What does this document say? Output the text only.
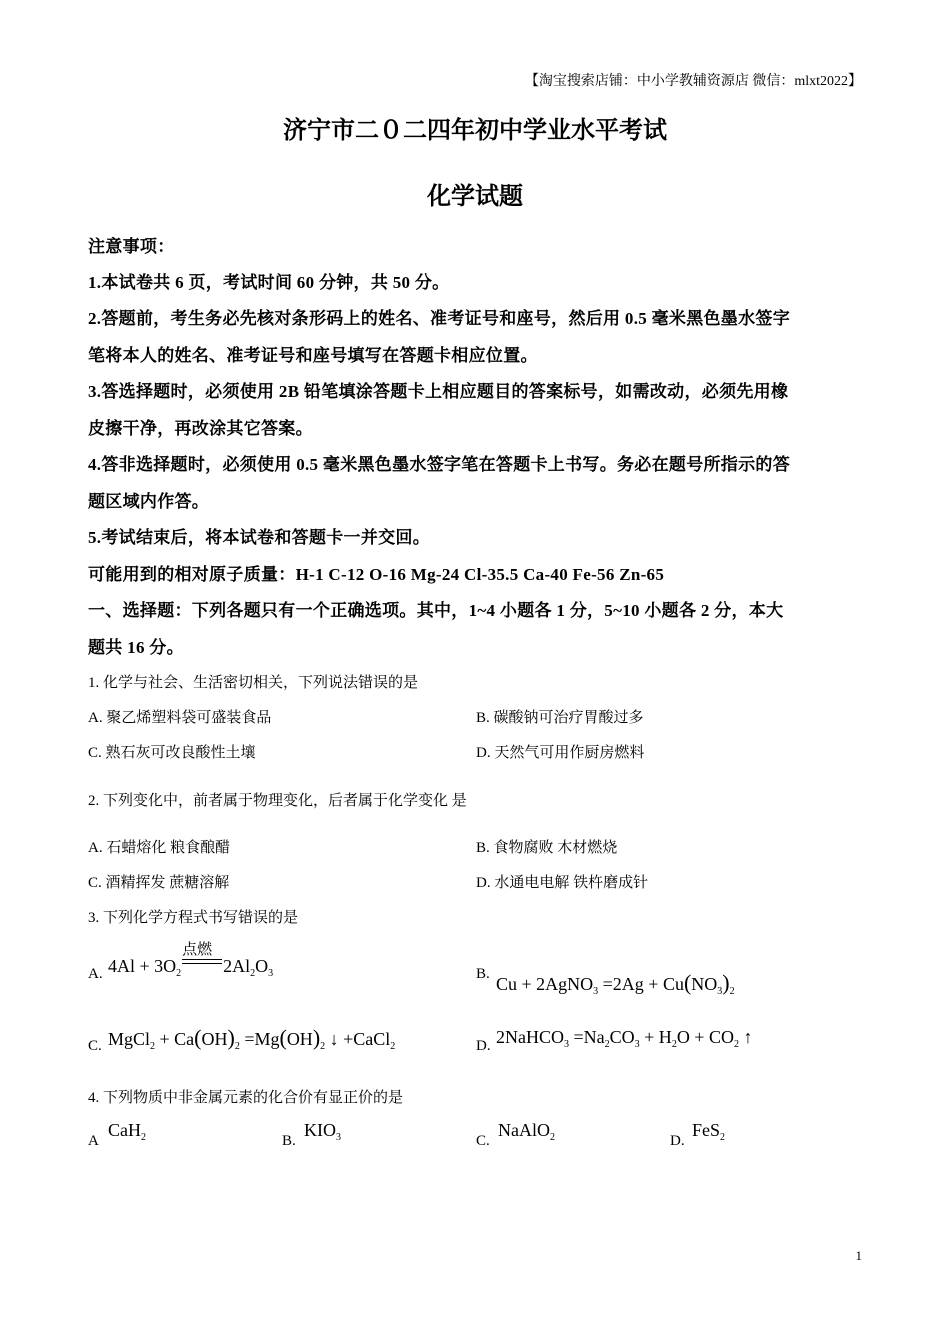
【淘宝搜索店铺：中小学教辅资源店 微信：mlxt2022】
济宁市二０二四年初中学业水平考试
化学试题
注意事项：
1.本试卷共 6 页，考试时间 60 分钟，共 50 分。
2.答题前，考生务必先核对条形码上的姓名、准考证号和座号，然后用 0.5 毫米黑色墨水签字
笔将本人的姓名、准考证号和座号填写在答题卡相应位置。
3.答选择题时，必须使用 2B 铅笔填涂答题卡上相应题目的答案标号，如需改动，必须先用橡
皮擦干净，再改涂其它答案。
4.答非选择题时，必须使用 0.5 毫米黑色墨水签字笔在答题卡上书写。务必在题号所指示的答
题区域内作答。
5.考试结束后，将本试卷和答题卡一并交回。
可能用到的相对原子质量：H-1 C-12 O-16 Mg-24 Cl-35.5 Ca-40 Fe-56 Zn-65
一、选择题：下列各题只有一个正确选项。其中，1~4 小题各 1 分，5~10 小题各 2 分，本大
题共 16 分。
1. 化学与社会、生活密切相关，下列说法错误的是
A. 聚乙烯塑料袋可盛装食品	B. 碳酸钠可治疗胃酸过多
C. 熟石灰可改良酸性土壤	D. 天然气可用作厨房燃料
2. 下列变化中，前者属于物理变化，后者属于化学变化 是
A. 石蜡熔化 粮食酿醋	B. 食物腐败 木材燃烧
C. 酒精挥发 蔗糖溶解	D. 水通电电解 铁杵磨成针
3. 下列化学方程式书写错误的是
A. $4Al + 3O_2$
点燃
$2Al_2O_3$	B. Cu + 2AgNO$_3$ $=2Ag + Cu(NO_3)_2$
C. MgCl$_2$ + $Ca(OH)_2 =Mg(OH)_2$ ↓ +CaCl$_2$	D. 2NaHCO$_3$ $=Na_2CO_3 + H_2O + CO_2$ ↑
4. 下列物质中非金属元素的化合价有显正价的是
A
CaH$_2$	B.
$KIO_3$	C.
NaAlO$_2$	D.
FeS$_2$
1
